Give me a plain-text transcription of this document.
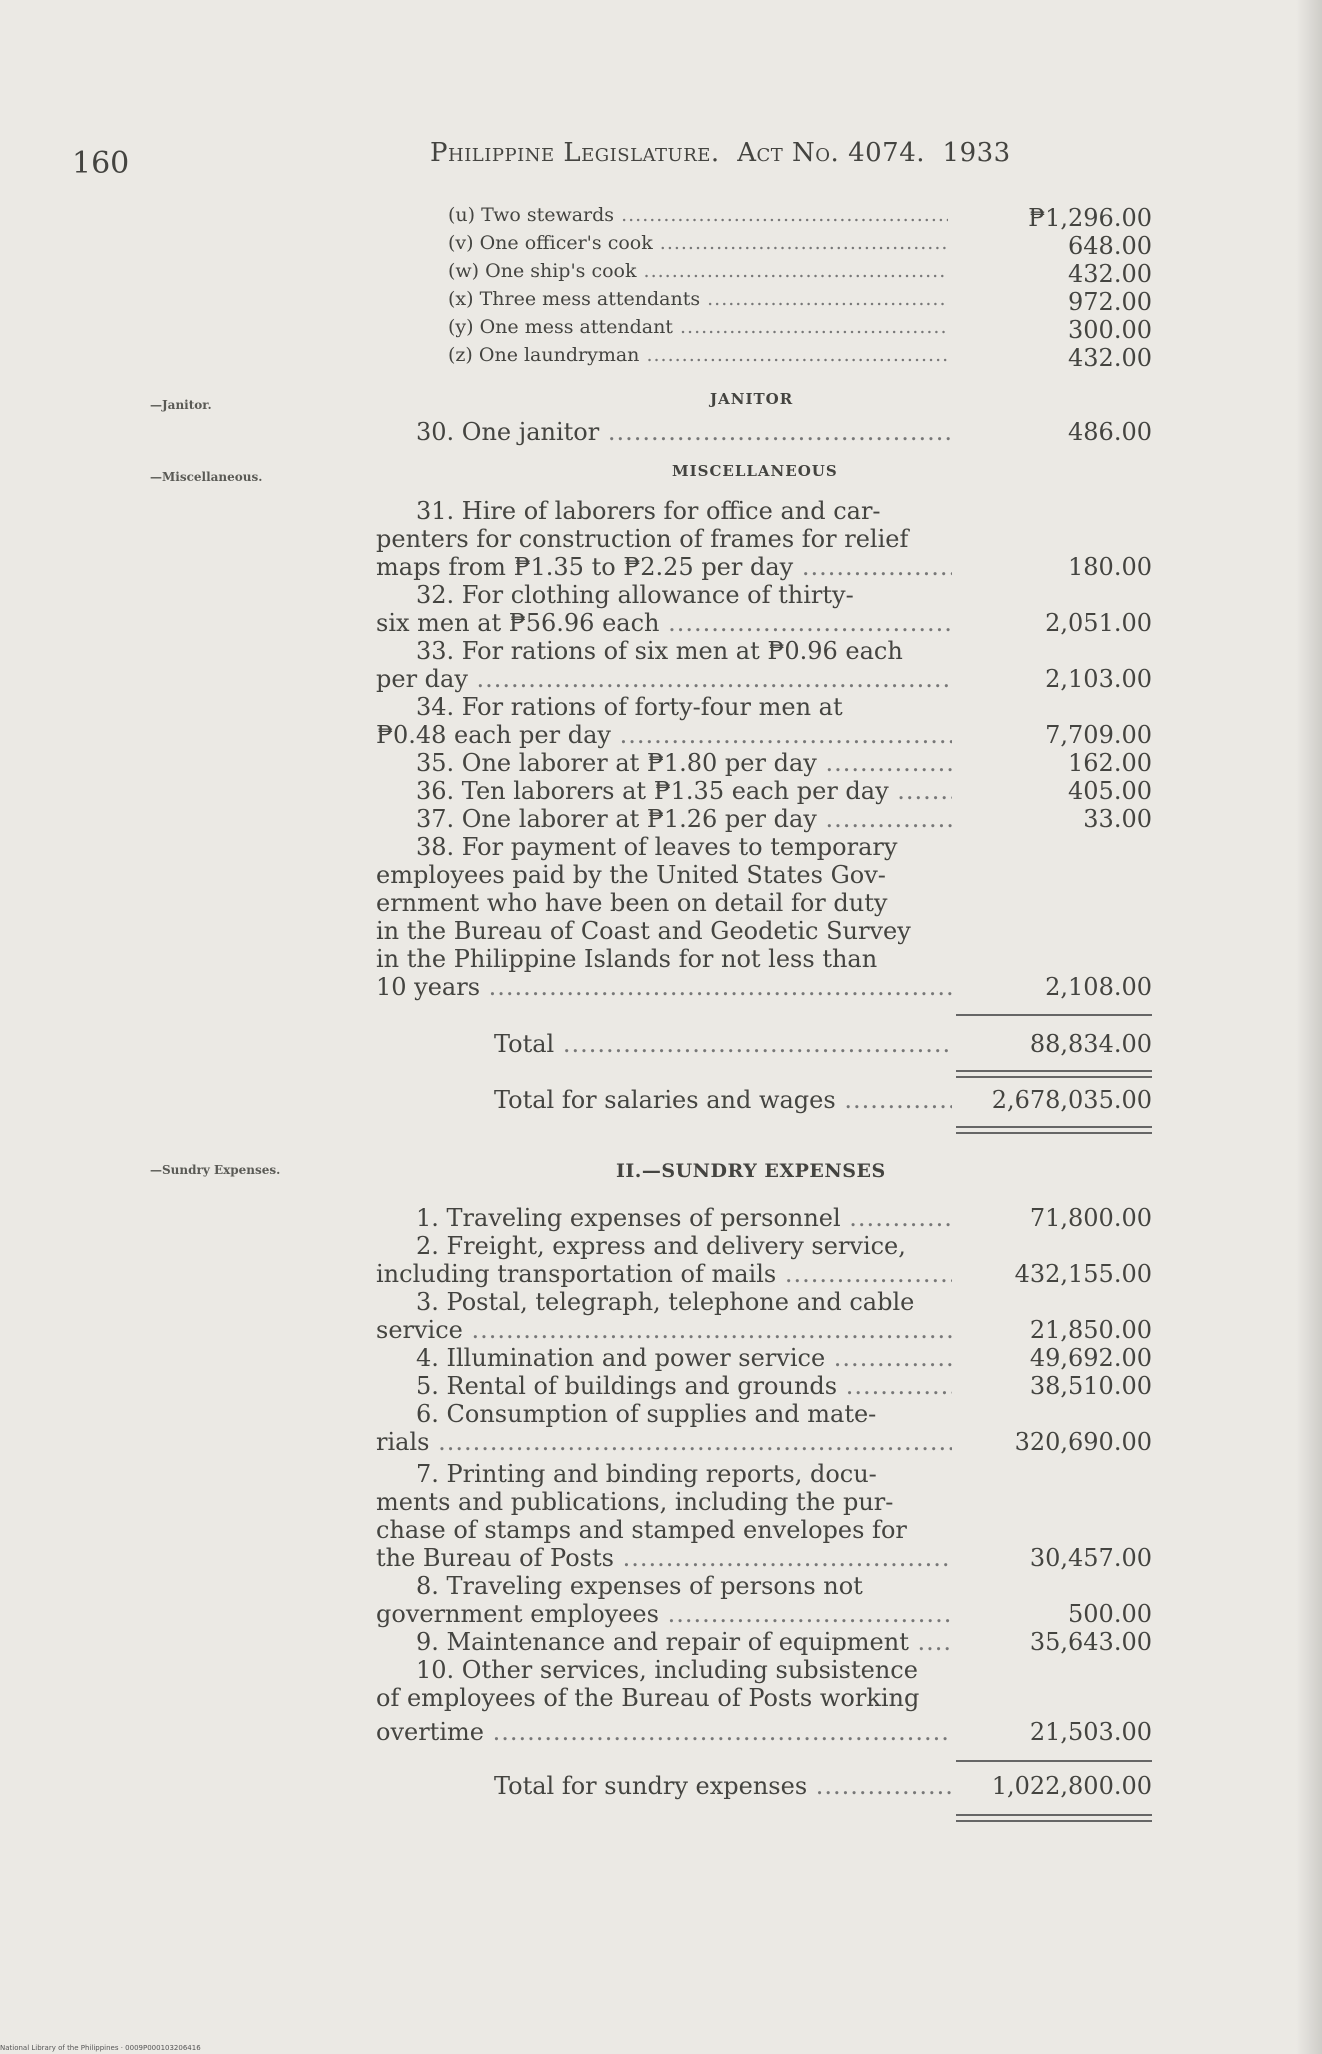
160	Philippine Legislature. Act No. 4074. 1933
(u) Two stewards .....	₱1,296.00
(v) One officer's cook .....	648.00
(w) One ship's cook .....	432.00
(x) Three mess attendants .....	972.00
(y) One mess attendant .....	300.00
(z) One laundryman .....	432.00
—Janitor.	JANITOR
30. One janitor .....	486.00
—Miscellaneous.	MISCELLANEOUS
31. Hire of laborers for office and car-
penters for construction of frames for relief
maps from ₱1.35 to ₱2.25 per day .....	180.00
32. For clothing allowance of thirty-
six men at ₱56.96 each .....	2,051.00
33. For rations of six men at ₱0.96 each
per day .....	2,103.00
34. For rations of forty-four men at
₱0.48 each per day .....	7,709.00
35. One laborer at ₱1.80 per day .....	162.00
36. Ten laborers at ₱1.35 each per day .....	405.00
37. One laborer at ₱1.26 per day .....	33.00
38. For payment of leaves to temporary
employees paid by the United States Gov-
ernment who have been on detail for duty
in the Bureau of Coast and Geodetic Survey
in the Philippine Islands for not less than
10 years .....	2,108.00
Total .....	88,834.00
Total for salaries and wages .....	2,678,035.00
—Sundry Expenses.	II.—SUNDRY EXPENSES
1. Traveling expenses of personnel .....	71,800.00
2. Freight, express and delivery service,
including transportation of mails .....	432,155.00
3. Postal, telegraph, telephone and cable
service .....	21,850.00
4. Illumination and power service .....	49,692.00
5. Rental of buildings and grounds .....	38,510.00
6. Consumption of supplies and mate-
rials .....	320,690.00
7. Printing and binding reports, docu-
ments and publications, including the pur-
chase of stamps and stamped envelopes for
the Bureau of Posts .....	30,457.00
8. Traveling expenses of persons not
government employees .....	500.00
9. Maintenance and repair of equipment .....	35,643.00
10. Other services, including subsistence
of employees of the Bureau of Posts working
overtime .....	21,503.00
Total for sundry expenses .....	1,022,800.00
National Library of the Philippines · 0009P000103206416
